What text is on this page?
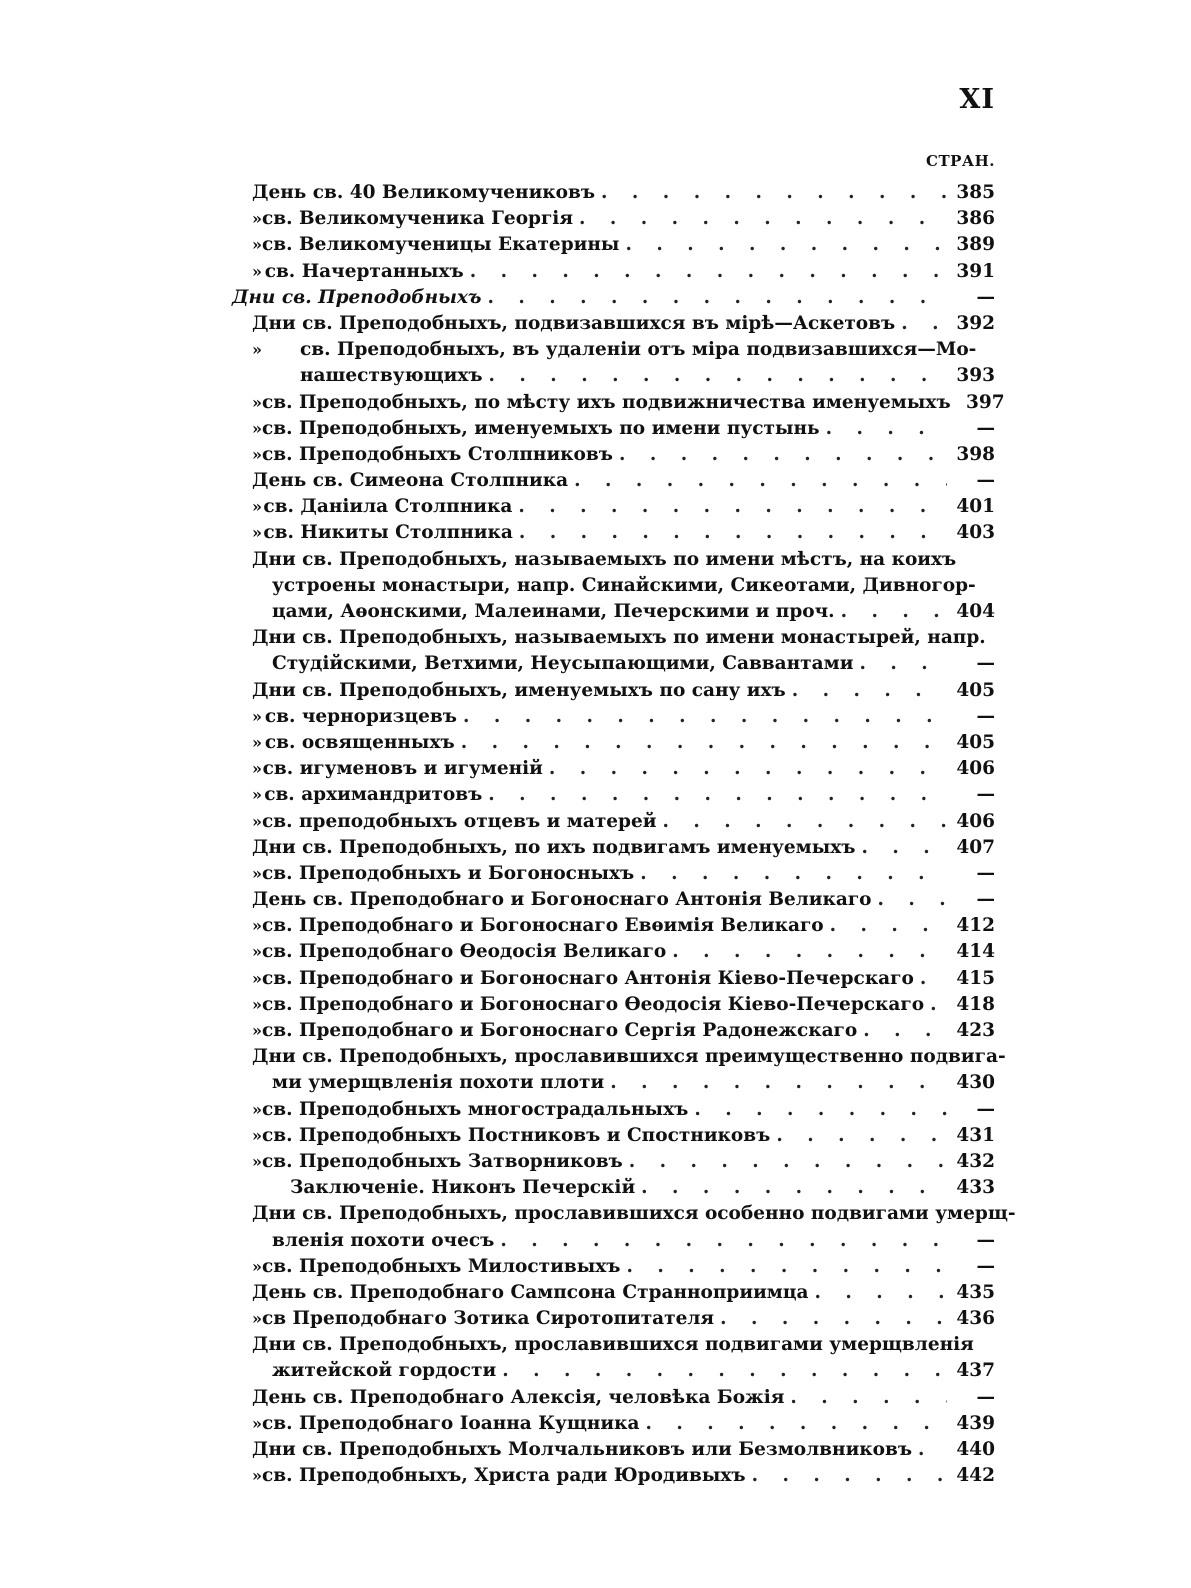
XI
СТРАН.
День св. 40 Великомучениковъ . . .	385
» св. Великомученика Георгія . . .	386
» св. Великомученицы Екатерины . . .	389
» св. Начертанныхъ . . .	391
Дни св. Преподобныхъ . . .	—
Дни св. Преподобныхъ, подвизавшихся въ мірѣ—Аскетовъ . . .	392
» св. Преподобныхъ, въ удаленіи отъ міра подвизавшихся—Мо-
нашествующихъ . . .	393
» св. Преподобныхъ, по мѣсту ихъ подвижничества именуемыхъ 397
» св. Преподобныхъ, именуемыхъ по имени пустынь . . .	—
» св. Преподобныхъ Столпниковъ . . .	398
День св. Симеона Столпника . . .	—
» св. Даніила Столпника . . .	401
» св. Никиты Столпника . . .	403
Дни св. Преподобныхъ, называемыхъ по имени мѣстъ, на коихъ
устроены монастыри, напр. Синайскими, Сикеотами, Дивногор-
цами, Аѳонскими, Малеинами, Печерскими и проч. . . .	404
Дни св. Преподобныхъ, называемыхъ по имени монастырей, напр.
Студійскими, Ветхими, Неусыпающими, Саввантами . . .	—
Дни св. Преподобныхъ, именуемыхъ по сану ихъ . . .	405
» св. черноризцевъ . . .	—
» св. освященныхъ . . .	405
» св. игуменовъ и игуменій . . .	406
» св. архимандритовъ . . .	—
» св. преподобныхъ отцевъ и матерей . . .	406
Дни св. Преподобныхъ, по ихъ подвигамъ именуемыхъ . . .	407
» св. Преподобныхъ и Богоносныхъ . . .	—
День св. Преподобнаго и Богоноснаго Антонія Великаго . . .	—
» св. Преподобнаго и Богоноснаго Евѳимія Великаго . . .	412
» св. Преподобнаго Ѳеодосія Великаго . . .	414
» св. Преподобнаго и Богоноснаго Антонія Кіево-Печерскаго . . . 415
» св. Преподобнаго и Богоноснаго Ѳеодосія Кіево-Печерскаго . . . 418
» св. Преподобнаго и Богоноснаго Сергія Радонежскаго . . .	423
Дни св. Преподобныхъ, прославившихся преимущественно подвига-
ми умерщвленія похоти плоти . . .	430
» св. Преподобныхъ многострадальныхъ . . .	—
» св. Преподобныхъ Постниковъ и Спостниковъ . . .	431
» св. Преподобныхъ Затворниковъ . . .	432
Заключеніе. Никонъ Печерскій . . .	433
Дни св. Преподобныхъ, прославившихся особенно подвигами умерщ-
вленія похоти очесъ . . .	—
» св. Преподобныхъ Милостивыхъ . . .	—
День св. Преподобнаго Сампсона Странноприимца . . .	435
» св Преподобнаго Зотика Сиротопитателя . . .	436
Дни св. Преподобныхъ, прославившихся подвигами умерщвленія
житейской гордости . . .	437
День св. Преподобнаго Алексія, человѣка Божія . . .	—
» св. Преподобнаго Іоанна Кущника . . .	439
Дни св. Преподобныхъ Молчальниковъ или Безмолвниковъ . . . 440
» св. Преподобныхъ, Христа ради Юродивыхъ . . .	442
